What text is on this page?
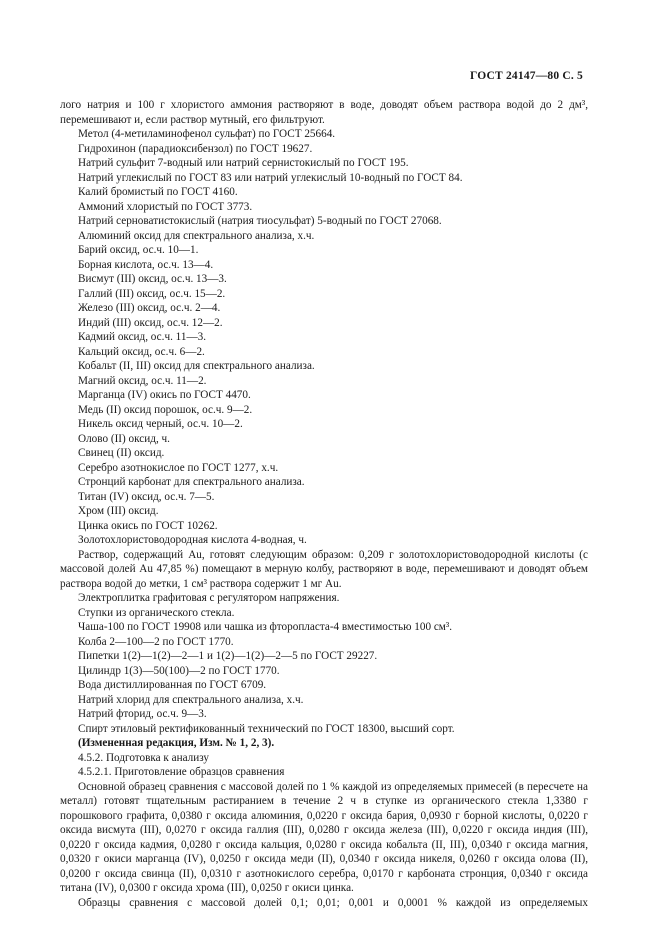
ГОСТ 24147—80 С. 5

лого натрия и 100 г хлористого аммония растворяют в воде, доводят объем раствора водой до 2 дм³, перемешивают и, если раствор мутный, его фильтруют.

Метол (4-метиламинофенол сульфат) по ГОСТ 25664.

Гидрохинон (парадиоксибензол) по ГОСТ 19627.

Натрий сульфит 7-водный или натрий сернистокислый по ГОСТ 195.

Натрий углекислый по ГОСТ 83 или натрий углекислый 10-водный по ГОСТ 84.

Калий бромистый по ГОСТ 4160.

Аммоний хлористый по ГОСТ 3773.

Натрий серноватистокислый (натрия тиосульфат) 5-водный по ГОСТ 27068.

Алюминий оксид для спектрального анализа, х.ч.

Барий оксид, ос.ч. 10—1.

Борная кислота, ос.ч. 13—4.

Висмут (III) оксид, ос.ч. 13—3.

Галлий (III) оксид, ос.ч. 15—2.

Железо (III) оксид, ос.ч. 2—4.

Индий (III) оксид, ос.ч. 12—2.

Кадмий оксид, ос.ч. 11—3.

Кальций оксид, ос.ч. 6—2.

Кобальт (II, III) оксид для спектрального анализа.

Магний оксид, ос.ч. 11—2.

Марганца (IV) окись по ГОСТ 4470.

Медь (II) оксид порошок, ос.ч. 9—2.

Никель оксид черный, ос.ч. 10—2.

Олово (II) оксид, ч.

Свинец (II) оксид.

Серебро азотнокислое по ГОСТ 1277, х.ч.

Стронций карбонат для спектрального анализа.

Титан (IV) оксид, ос.ч. 7—5.

Хром (III) оксид.

Цинка окись по ГОСТ 10262.

Золотохлористоводородная кислота 4-водная, ч.

Раствор, содержащий Au, готовят следующим образом: 0,209 г золотохлористоводородной кислоты (с массовой долей Au 47,85 %) помещают в мерную колбу, растворяют в воде, перемешивают и доводят объем раствора водой до метки, 1 см³ раствора содержит 1 мг Au.

Электроплитка графитовая с регулятором напряжения.

Ступки из органического стекла.

Чаша-100 по ГОСТ 19908 или чашка из фторопласта-4 вместимостью 100 см³.

Колба 2—100—2 по ГОСТ 1770.

Пипетки 1(2)—1(2)—2—1 и 1(2)—1(2)—2—5 по ГОСТ 29227.

Цилиндр 1(3)—50(100)—2 по ГОСТ 1770.

Вода дистиллированная по ГОСТ 6709.

Натрий хлорид для спектрального анализа, х.ч.

Натрий фторид, ос.ч. 9—3.

Спирт этиловый ректификованный технический по ГОСТ 18300, высший сорт.

(Измененная редакция, Изм. № 1, 2, 3).

4.5.2. Подготовка к анализу

4.5.2.1. Приготовление образцов сравнения

Основной образец сравнения с массовой долей по 1 % каждой из определяемых примесей (в пересчете на металл) готовят тщательным растиранием в течение 2 ч в ступке из органического стекла 1,3380 г порошкового графита, 0,0380 г оксида алюминия, 0,0220 г оксида бария, 0,0930 г борной кислоты, 0,0220 г оксида висмута (III), 0,0270 г оксида галлия (III), 0,0280 г оксида железа (III), 0,0220 г оксида индия (III), 0,0220 г оксида кадмия, 0,0280 г оксида кальция, 0,0280 г оксида кобальта (II, III), 0,0340 г оксида магния, 0,0320 г окиси марганца (IV), 0,0250 г оксида меди (II), 0,0340 г оксида никеля, 0,0260 г оксида олова (II), 0,0200 г оксида свинца (II), 0,0310 г азотнокислого серебра, 0,0170 г карбоната стронция, 0,0340 г оксида титана (IV), 0,0300 г оксида хрома (III), 0,0250 г окиси цинка.

Образцы сравнения с массовой долей 0,1; 0,01; 0,001 и 0,0001 % каждой из определяемых
